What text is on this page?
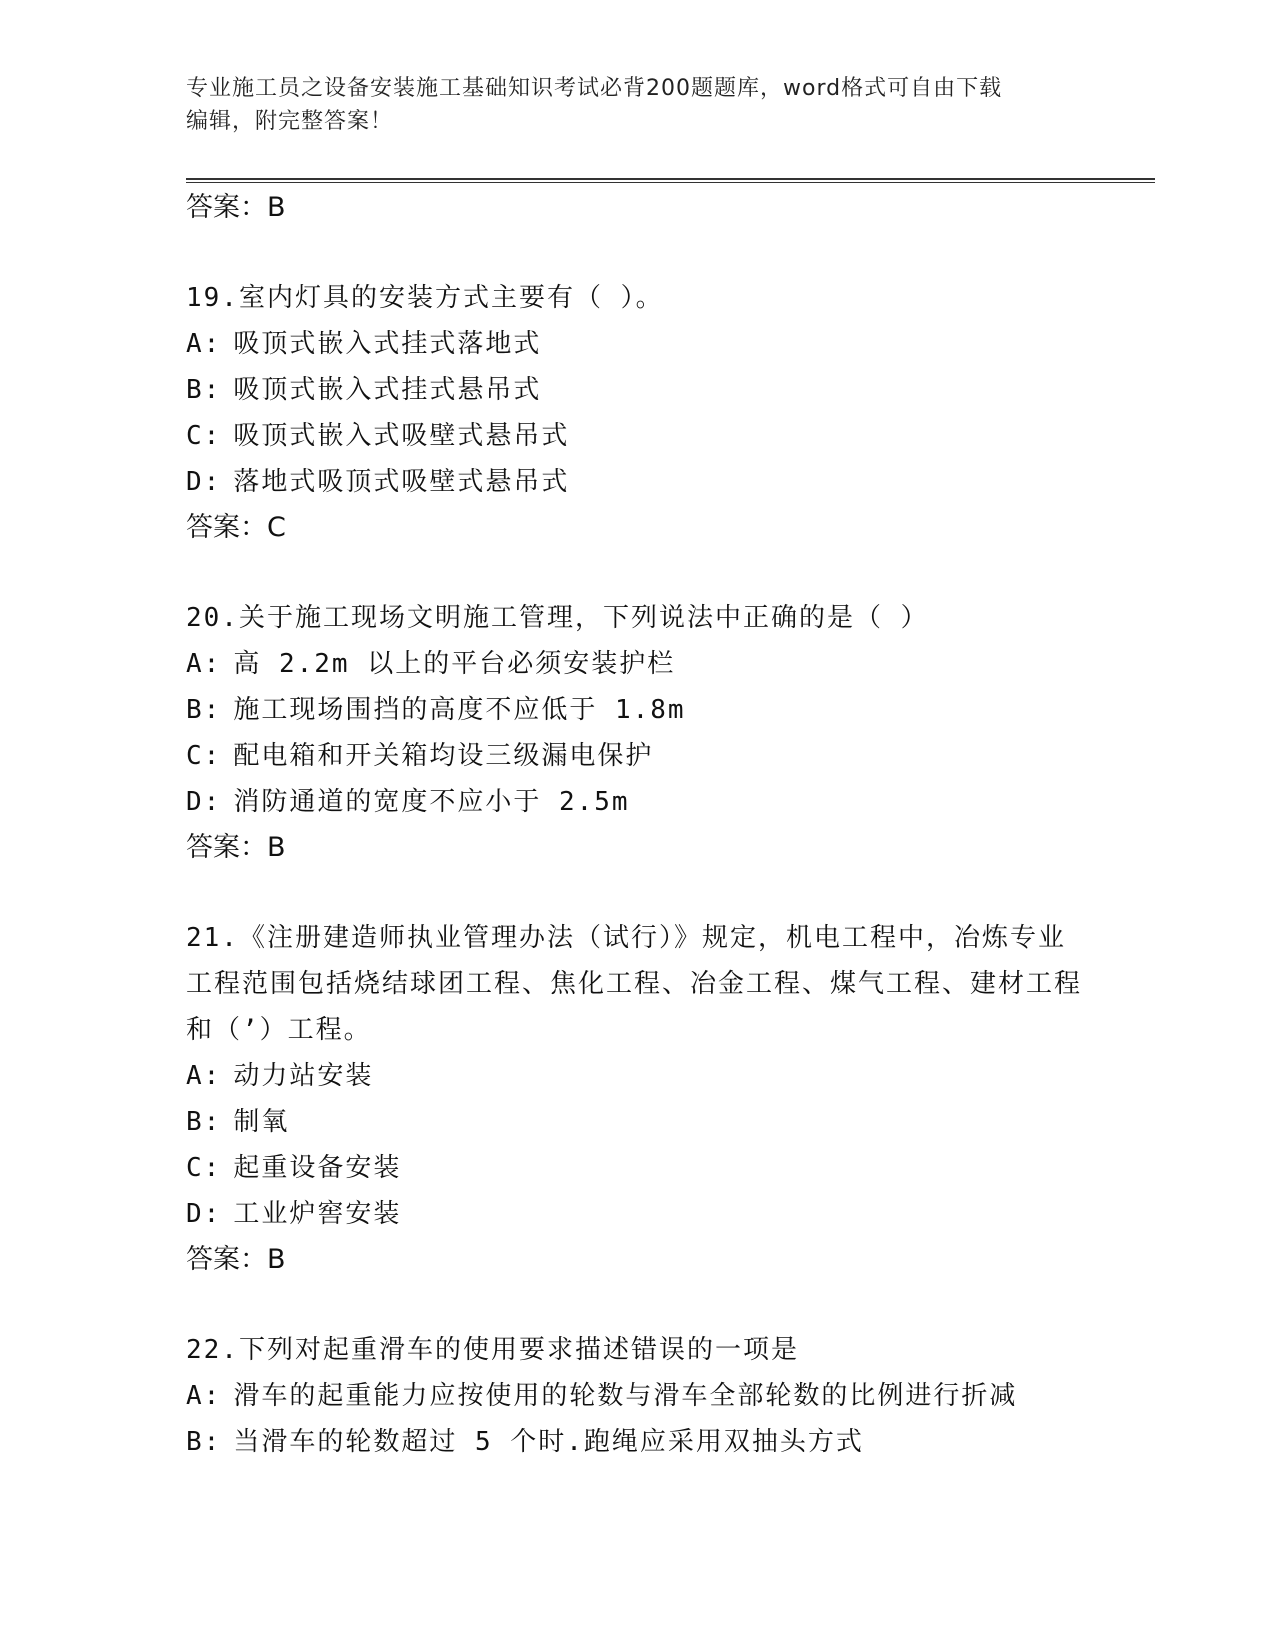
专业施工员之设备安装施工基础知识考试必背200题题库，word格式可自由下载
编辑，附完整答案！
答案：B
19.室内灯具的安装方式主要有（ ）。
A: 吸顶式嵌入式挂式落地式
B: 吸顶式嵌入式挂式悬吊式
C: 吸顶式嵌入式吸壁式悬吊式
D: 落地式吸顶式吸壁式悬吊式
答案：C
20.关于施工现场文明施工管理，下列说法中正确的是（ ）
A: 高 2.2m 以上的平台必须安装护栏
B: 施工现场围挡的高度不应低于 1.8m
C: 配电箱和开关箱均设三级漏电保护
D: 消防通道的宽度不应小于 2.5m
答案：B
21.《注册建造师执业管理办法（试行）》规定，机电工程中，冶炼专业工程范围包括烧结球团工程、焦化工程、冶金工程、煤气工程、建材工程和（’）工程。
A: 动力站安装
B: 制氧
C: 起重设备安装
D: 工业炉窖安装
答案：B
22.下列对起重滑车的使用要求描述错误的一项是
A: 滑车的起重能力应按使用的轮数与滑车全部轮数的比例进行折减
B: 当滑车的轮数超过 5 个时.跑绳应采用双抽头方式
